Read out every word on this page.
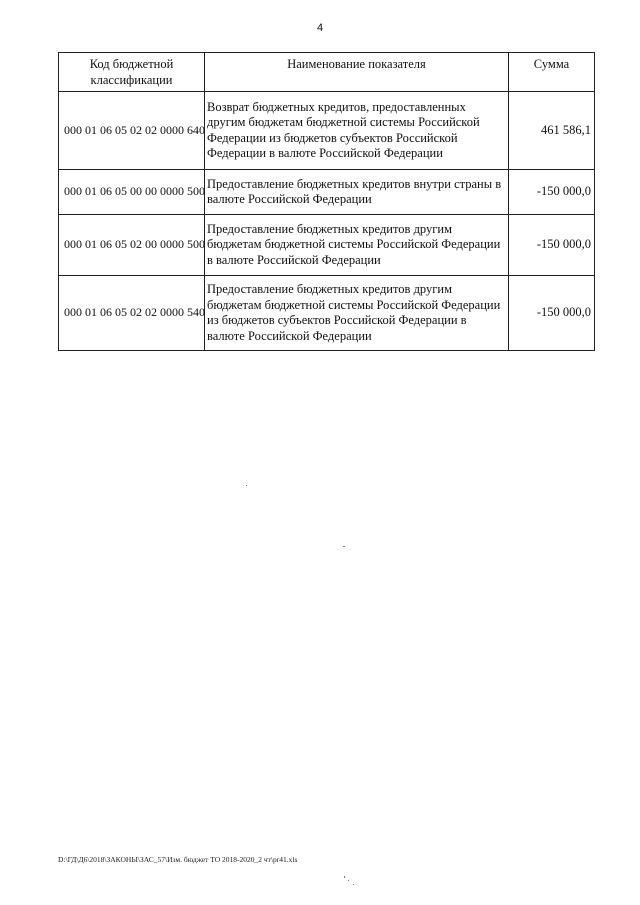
4
Код бюджетной классификации	Наименование показателя	Сумма
000 01 06 05 02 02 0000 640	Возврат бюджетных кредитов, предоставленных другим бюджетам бюджетной системы Российской Федерации из бюджетов субъектов Российской Федерации в валюте Российской Федерации	461 586,1
000 01 06 05 00 00 0000 500	Предоставление бюджетных кредитов внутри страны в валюте Российской Федерации	-150 000,0
000 01 06 05 02 00 0000 500	Предоставление бюджетных кредитов другим бюджетам бюджетной системы Российской Федерации в валюте Российской Федерации	-150 000,0
000 01 06 05 02 02 0000 540	Предоставление бюджетных кредитов другим бюджетам бюджетной системы Российской Федерации из бюджетов субъектов Российской Федерации в валюте Российской Федерации	-150 000,0
D:\ГД\Д6\2018\ЗАКОНЫ\ЗАС_57\Изм. бюджет ТО 2018-2020_2 чт\pr41.xls
